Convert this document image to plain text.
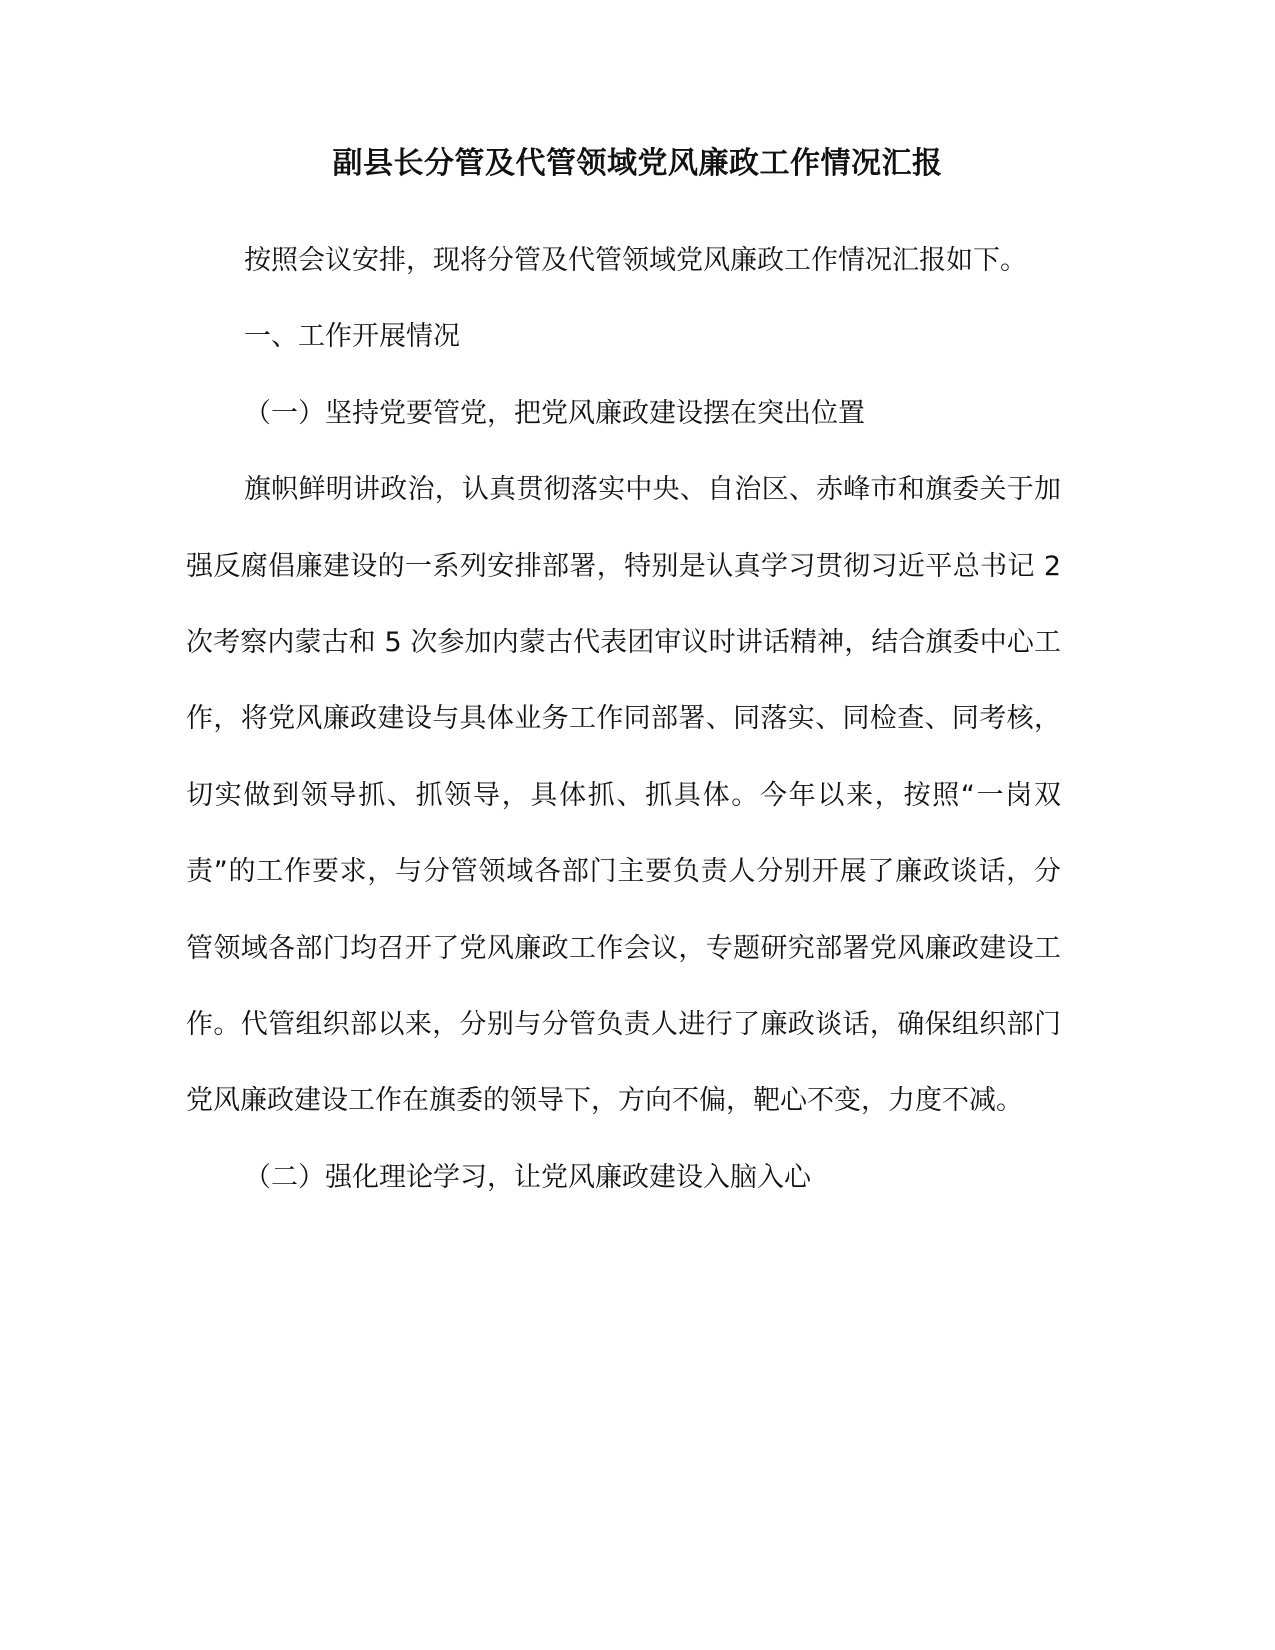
副县长分管及代管领域党风廉政工作情况汇报

按照会议安排，现将分管及代管领域党风廉政工作情况汇报如下。

一、工作开展情况

（一）坚持党要管党，把党风廉政建设摆在突出位置

旗帜鲜明讲政治，认真贯彻落实中央、自治区、赤峰市和旗委关于加强反腐倡廉建设的一系列安排部署，特别是认真学习贯彻习近平总书记 2 次考察内蒙古和 5 次参加内蒙古代表团审议时讲话精神，结合旗委中心工作，将党风廉政建设与具体业务工作同部署、同落实、同检查、同考核，切实做到领导抓、抓领导，具体抓、抓具体。今年以来，按照“一岗双责”的工作要求，与分管领域各部门主要负责人分别开展了廉政谈话，分管领域各部门均召开了党风廉政工作会议，专题研究部署党风廉政建设工作。代管组织部以来，分别与分管负责人进行了廉政谈话，确保组织部门党风廉政建设工作在旗委的领导下，方向不偏，靶心不变，力度不减。

（二）强化理论学习，让党风廉政建设入脑入心
